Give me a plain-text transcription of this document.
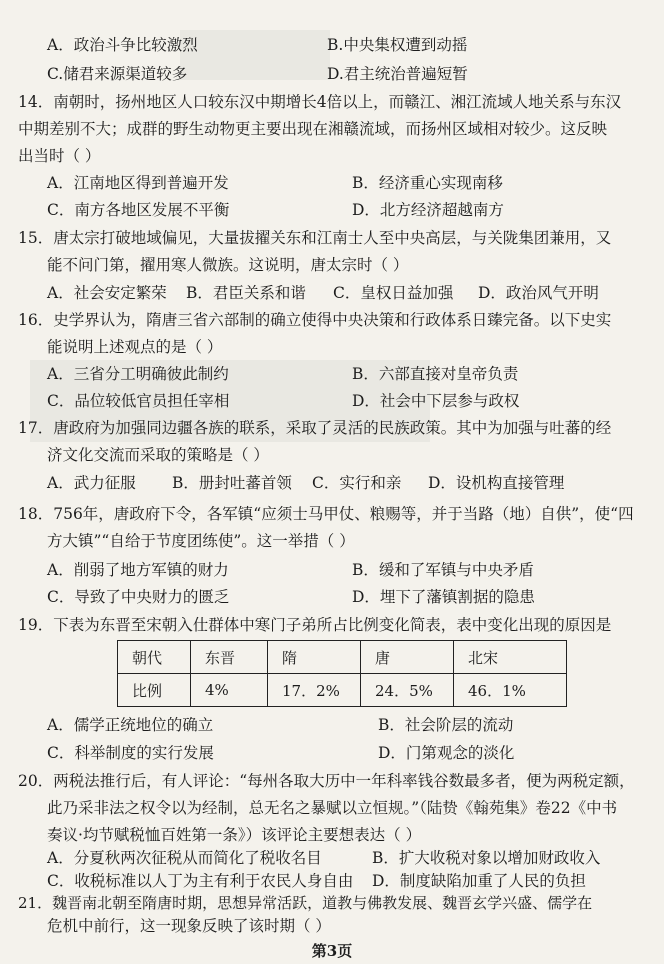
A．政治斗争比较激烈	B.中央集权遭到动摇
C.储君来源渠道较多	D.君主统治普遍短暂
14．南朝时，扬州地区人口较东汉中期增长4倍以上，而赣江、湘江流域人地关系与东汉
中期差别不大；成群的野生动物更主要出现在湘赣流域，而扬州区域相对较少。这反映
出当时（ ）
A．江南地区得到普遍开发	B．经济重心实现南移
C．南方各地区发展不平衡	D．北方经济超越南方
15．唐太宗打破地域偏见，大量拔擢关东和江南士人至中央高层，与关陇集团兼用，又
能不问门第，擢用寒人微族。这说明，唐太宗时（ ）
A．社会安定繁荣 B．君臣关系和谐 C．皇权日益加强 D．政治风气开明
16．史学界认为，隋唐三省六部制的确立使得中央决策和行政体系日臻完备。以下史实
能说明上述观点的是（ ）
A．三省分工明确彼此制约	B．六部直接对皇帝负责
C．品位较低官员担任宰相	D．社会中下层参与政权
17．唐政府为加强同边疆各族的联系，采取了灵活的民族政策。其中为加强与吐蕃的经
济文化交流而采取的策略是（ ）
A．武力征服 B．册封吐蕃首领 C．实行和亲 D．设机构直接管理
18．756年，唐政府下令，各军镇“应须士马甲仗、粮赐等，并于当路（地）自供”，使“四
方大镇”“自给于节度团练使”。这一举措（ ）
A．削弱了地方军镇的财力	B．缓和了军镇与中央矛盾
C．导致了中央财力的匮乏	D．埋下了藩镇割据的隐患
19．下表为东晋至宋朝入仕群体中寒门子弟所占比例变化简表，表中变化出现的原因是
朝代	东晋	隋	唐	北宋
比例	4%	17．2%	24．5%	46．1%
A．儒学正统地位的确立	B．社会阶层的流动
C．科举制度的实行发展	D．门第观念的淡化
20．两税法推行后，有人评论：“每州各取大历中一年科率钱谷数最多者，便为两税定额，
此乃采非法之权令以为经制，总无名之暴赋以立恒规。”（陆贽《翰苑集》卷22《中书
奏议·均节赋税恤百姓第一条》）该评论主要想表达（ ）
A．分夏秋两次征税从而简化了税收名目	B．扩大收税对象以增加财政收入
C．收税标准以人丁为主有利于农民人身自由 D．制度缺陷加重了人民的负担
21．魏晋南北朝至隋唐时期，思想异常活跃，道教与佛教发展、魏晋玄学兴盛、儒学在
第3页
危机中前行，这一现象反映了该时期（ ）
